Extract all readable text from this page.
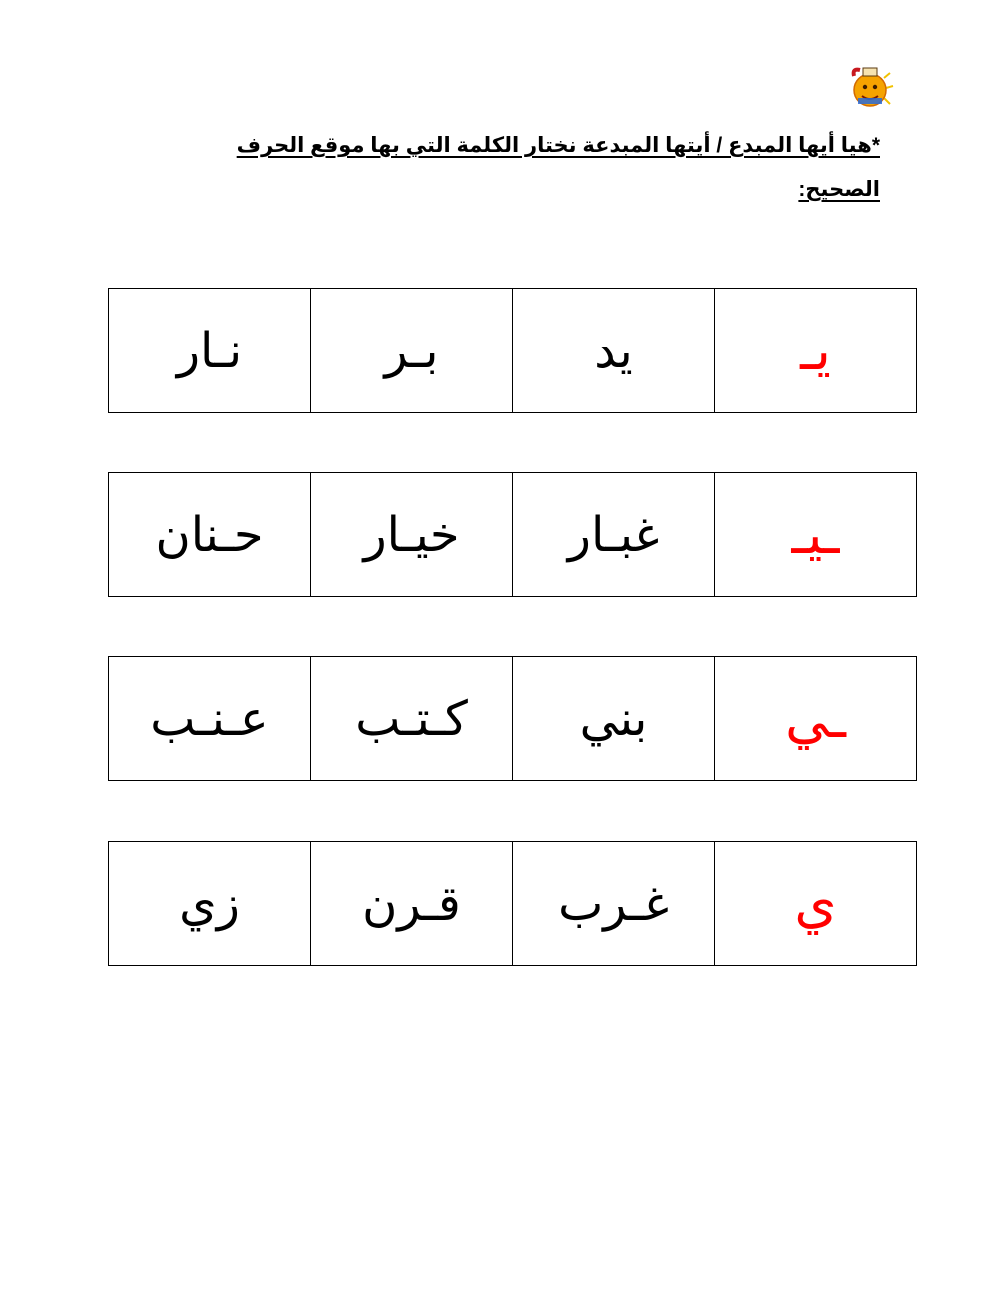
*هيا أيها المبدع / أيتها المبدعة نختار الكلمة التي بها موقع الحرف الصحيح:
يـ	يد	بـر	نـار
ـيـ	غبـار	خيـار	حـنان
ـي	بني	كـتـب	عـنـب
ي	غـرب	قـرن	زي
